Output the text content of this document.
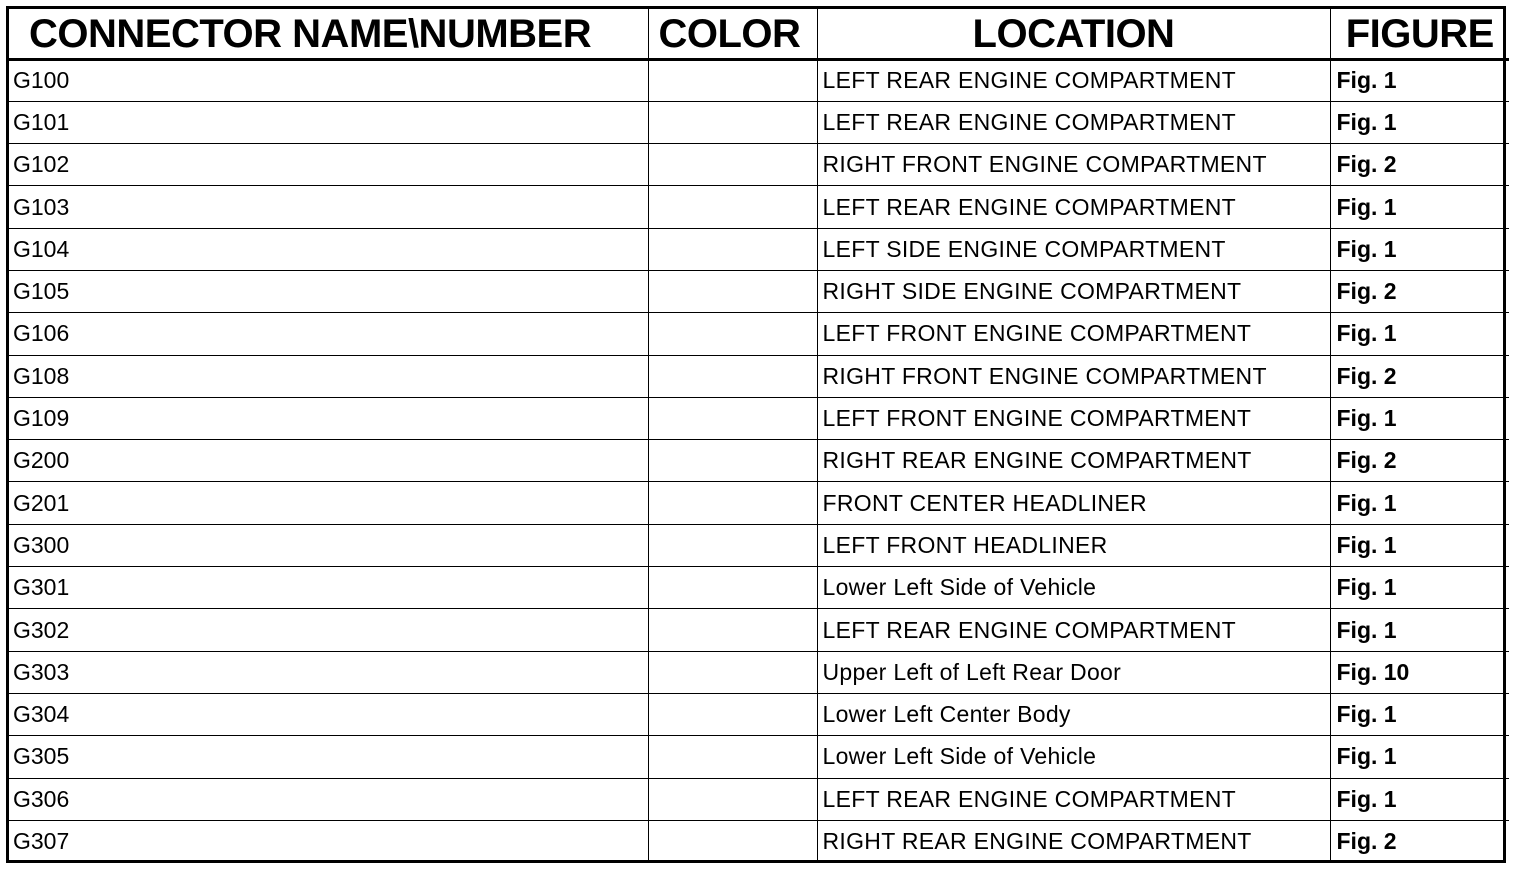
CONNECTOR NAME\NUMBER	COLOR	LOCATION	FIGURE
G100		LEFT REAR ENGINE COMPARTMENT	Fig. 1
G101		LEFT REAR ENGINE COMPARTMENT	Fig. 1
G102		RIGHT FRONT ENGINE COMPARTMENT	Fig. 2
G103		LEFT REAR ENGINE COMPARTMENT	Fig. 1
G104		LEFT SIDE ENGINE COMPARTMENT	Fig. 1
G105		RIGHT SIDE ENGINE COMPARTMENT	Fig. 2
G106		LEFT FRONT ENGINE COMPARTMENT	Fig. 1
G108		RIGHT FRONT ENGINE COMPARTMENT	Fig. 2
G109		LEFT FRONT ENGINE COMPARTMENT	Fig. 1
G200		RIGHT REAR ENGINE COMPARTMENT	Fig. 2
G201		FRONT CENTER HEADLINER	Fig. 1
G300		LEFT FRONT HEADLINER	Fig. 1
G301		Lower Left Side of Vehicle	Fig. 1
G302		LEFT REAR ENGINE COMPARTMENT	Fig. 1
G303		Upper Left of Left Rear Door	Fig. 10
G304		Lower Left Center Body	Fig. 1
G305		Lower Left Side of Vehicle	Fig. 1
G306		LEFT REAR ENGINE COMPARTMENT	Fig. 1
G307		RIGHT REAR ENGINE COMPARTMENT	Fig. 2
